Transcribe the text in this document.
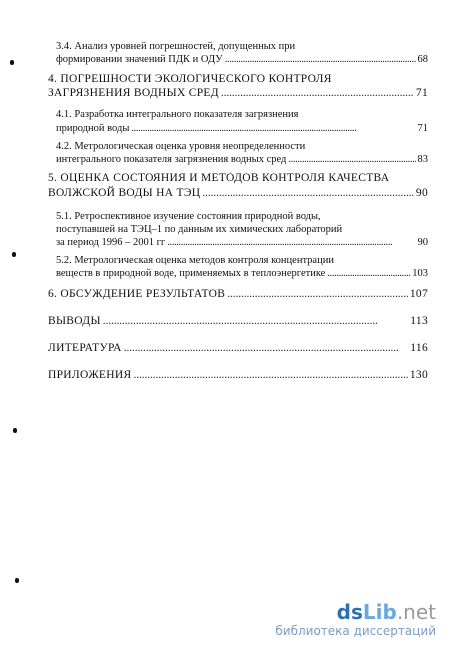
3.4. Анализ уровней погрешностей, допущенных при
формировании значений ПДК и ОДУ . . .	68
4. ПОГРЕШНОСТИ ЭКОЛОГИЧЕСКОГО КОНТРОЛЯ
ЗАГРЯЗНЕНИЯ ВОДНЫХ СРЕД . . .	71
4.1. Разработка интегрального показателя загрязнения
природной воды . . .	71
4.2. Метрологическая оценка уровня неопределенности
интегрального показателя загрязнения водных сред . . .	83
5. ОЦЕНКА СОСТОЯНИЯ И МЕТОДОВ КОНТРОЛЯ КАЧЕСТВА
ВОЛЖСКОЙ ВОДЫ НА ТЭЦ . . .	90
5.1. Ретроспективное изучение состояния природной воды,
поступавшей на ТЭЦ–1 по данным их химических лабораторий
за период 1996 – 2001 гг . . .	90
5.2. Метрологическая оценка методов контроля концентрации
веществ в природной воде, применяемых в теплоэнергетике . . .	103
6. ОБСУЖДЕНИЕ РЕЗУЛЬТАТОВ . . .	107
ВЫВОДЫ . . .	113
ЛИТЕРАТУРА . . .	116
ПРИЛОЖЕНИЯ . . .	130
dsLib.net
библиотека диссертаций
